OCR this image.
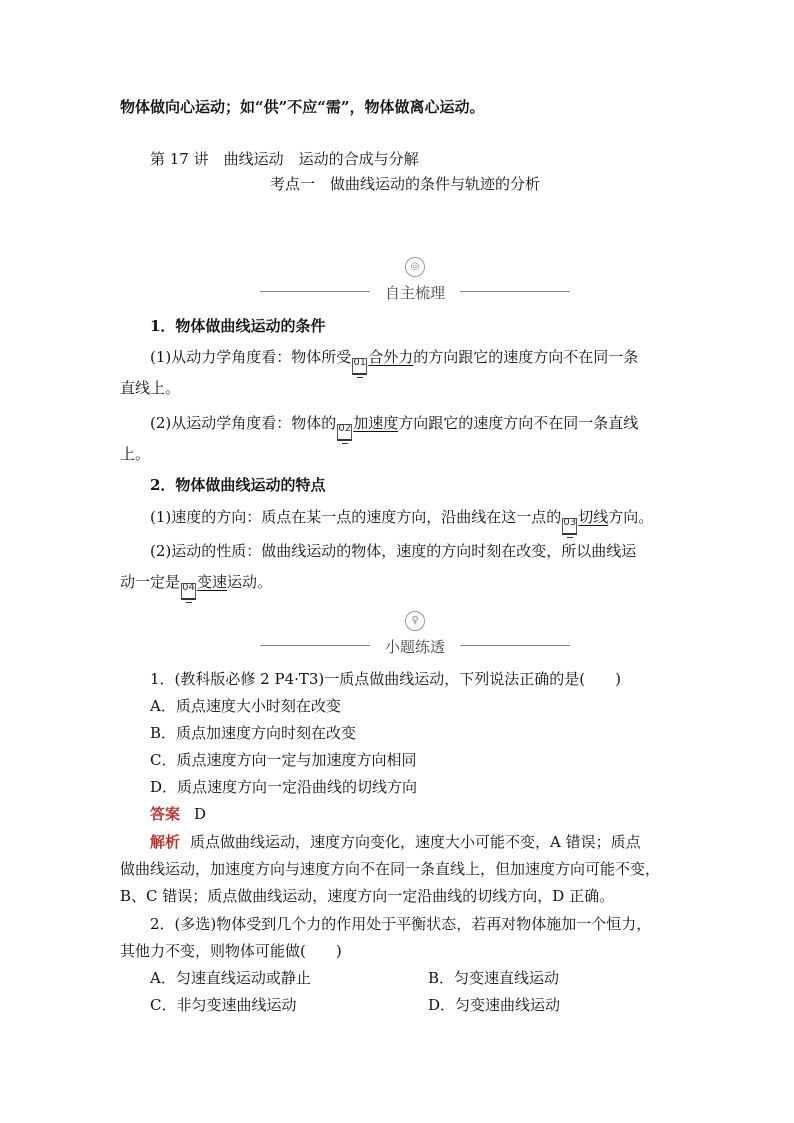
物体做向心运动；如“供”不应“需”，物体做离心运动。
第 17 讲　曲线运动　运动的合成与分解
考点一　做曲线运动的条件与轨迹的分析
◎
自主梳理
1．物体做曲线运动的条件
(1)从动力学角度看：物体所受 01 合外力的方向跟它的速度方向不在同一条
直线上。
(2)从运动学角度看：物体的 02 加速度方向跟它的速度方向不在同一条直线
上。
2．物体做曲线运动的特点
(1)速度的方向：质点在某一点的速度方向，沿曲线在这一点的 03 切线方向。
(2)运动的性质：做曲线运动的物体，速度的方向时刻在改变，所以曲线运
动一定是 04 变速运动。
♀
小题练透
1．(教科版必修 2 P4·T3)一质点做曲线运动，下列说法正确的是(　　)
A．质点速度大小时刻在改变
B．质点加速度方向时刻在改变
C．质点速度方向一定与加速度方向相同
D．质点速度方向一定沿曲线的切线方向
答案 D
解析 质点做曲线运动，速度方向变化，速度大小可能不变，A 错误；质点
做曲线运动，加速度方向与速度方向不在同一条直线上，但加速度方向可能不变，
B、C 错误；质点做曲线运动，速度方向一定沿曲线的切线方向，D 正确。
2．(多选)物体受到几个力的作用处于平衡状态，若再对物体施加一个恒力，
其他力不变，则物体可能做(　　)
A．匀速直线运动或静止	B．匀变速直线运动
C．非匀变速曲线运动	D．匀变速曲线运动
